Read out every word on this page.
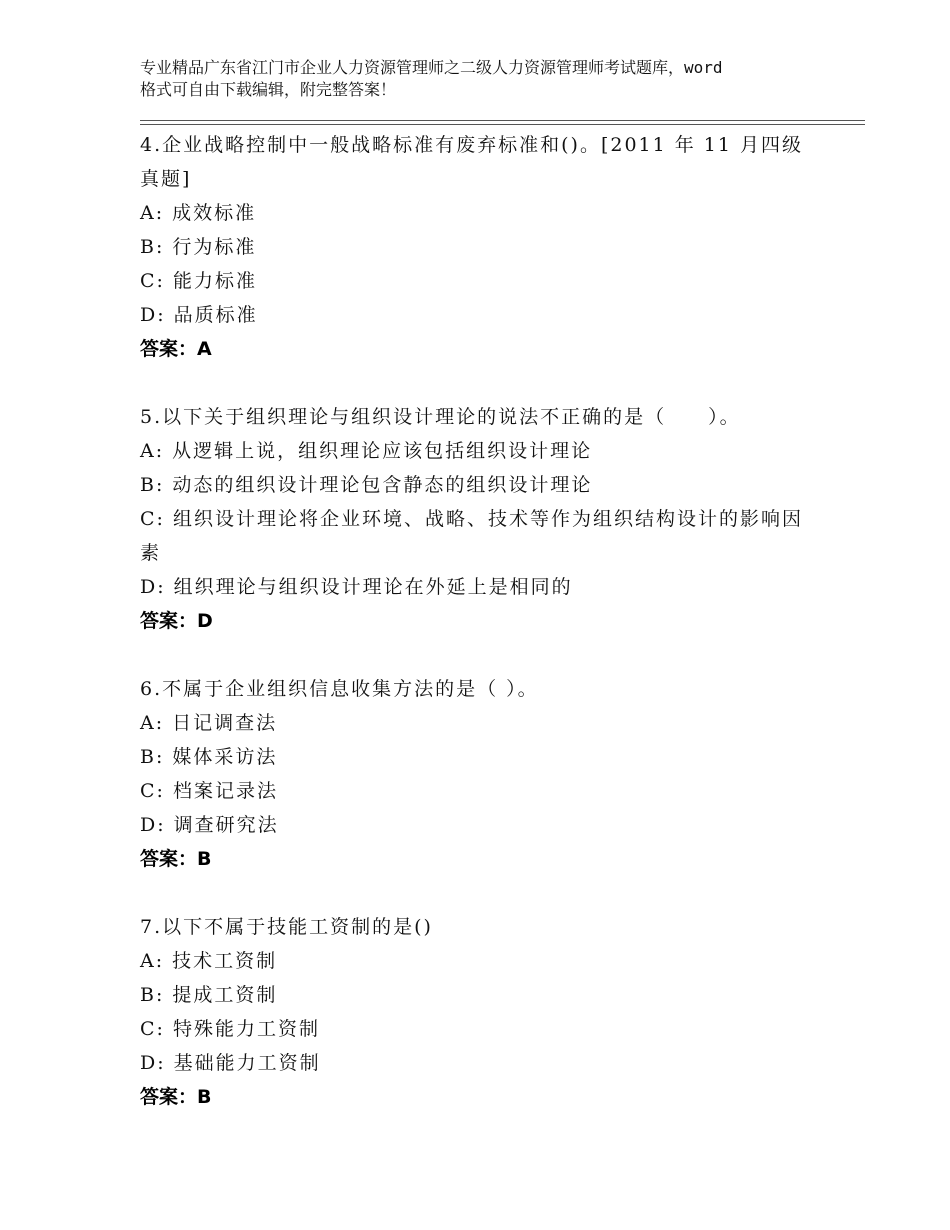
专业精品广东省江门市企业人力资源管理师之二级人力资源管理师考试题库，word
格式可自由下载编辑，附完整答案！
4.企业战略控制中一般战略标准有废弃标准和()。[2011 年 11 月四级真题]

A: 成效标准

B: 行为标准

C: 能力标准

D: 品质标准

答案：A
5.以下关于组织理论与组织设计理论的说法不正确的是（　　）。

A: 从逻辑上说，组织理论应该包括组织设计理论

B: 动态的组织设计理论包含静态的组织设计理论

C: 组织设计理论将企业环境、战略、技术等作为组织结构设计的影响因素

D: 组织理论与组织设计理论在外延上是相同的

答案：D
6.不属于企业组织信息收集方法的是（ ）。

A: 日记调查法

B: 媒体采访法

C: 档案记录法

D: 调查研究法

答案：B
7.以下不属于技能工资制的是()

A: 技术工资制

B: 提成工资制

C: 特殊能力工资制

D: 基础能力工资制

答案：B
